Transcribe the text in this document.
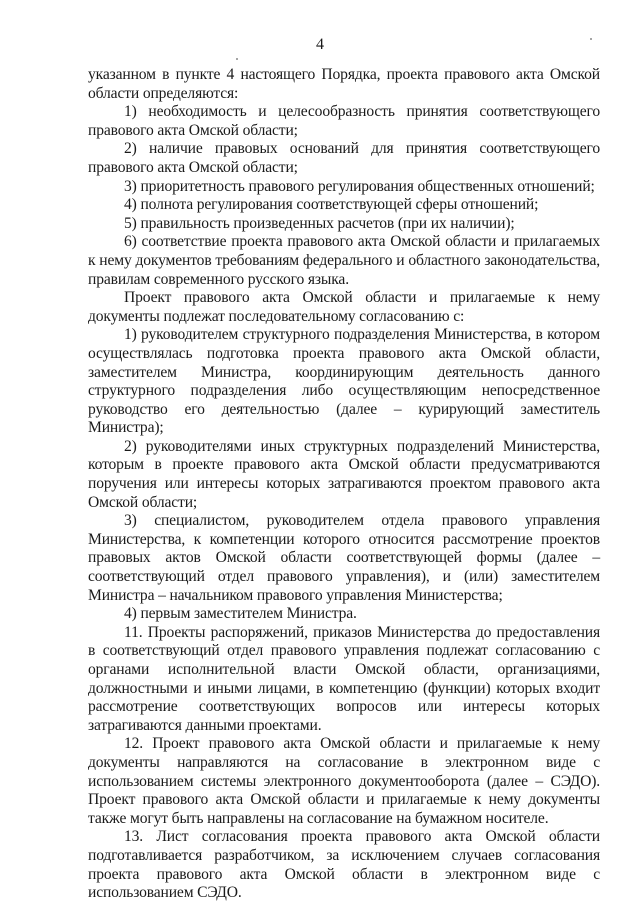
4

указанном в пункте 4 настоящего Порядка, проекта правового акта Омской области определяются:

1) необходимость и целесообразность принятия соответствующего правового акта Омской области;

2) наличие правовых оснований для принятия соответствующего правового акта Омской области;

3) приоритетность правового регулирования общественных отношений;

4) полнота регулирования соответствующей сферы отношений;

5) правильность произведенных расчетов (при их наличии);

6) соответствие проекта правового акта Омской области и прилагаемых к нему документов требованиям федерального и областного законодательства, правилам современного русского языка.

Проект правового акта Омской области и прилагаемые к нему документы подлежат последовательному согласованию с:

1) руководителем структурного подразделения Министерства, в котором осуществлялась подготовка проекта правового акта Омской области, заместителем Министра, координирующим деятельность данного структурного подразделения либо осуществляющим непосредственное руководство его деятельностью (далее – курирующий заместитель Министра);

2) руководителями иных структурных подразделений Министерства, которым в проекте правового акта Омской области предусматриваются поручения или интересы которых затрагиваются проектом правового акта Омской области;

3) специалистом, руководителем отдела правового управления Министерства, к компетенции которого относится рассмотрение проектов правовых актов Омской области соответствующей формы (далее – соответствующий отдел правового управления), и (или) заместителем Министра – начальником правового управления Министерства;

4) первым заместителем Министра.

11. Проекты распоряжений, приказов Министерства до предоставления в соответствующий отдел правового управления подлежат согласованию с органами исполнительной власти Омской области, организациями, должностными и иными лицами, в компетенцию (функции) которых входит рассмотрение соответствующих вопросов или интересы которых затрагиваются данными проектами.

12. Проект правового акта Омской области и прилагаемые к нему документы направляются на согласование в электронном виде с использованием системы электронного документооборота (далее – СЭДО). Проект правового акта Омской области и прилагаемые к нему документы также могут быть направлены на согласование на бумажном носителе.

13. Лист согласования проекта правового акта Омской области подготавливается разработчиком, за исключением случаев согласования проекта правового акта Омской области в электронном виде с использованием СЭДО.
